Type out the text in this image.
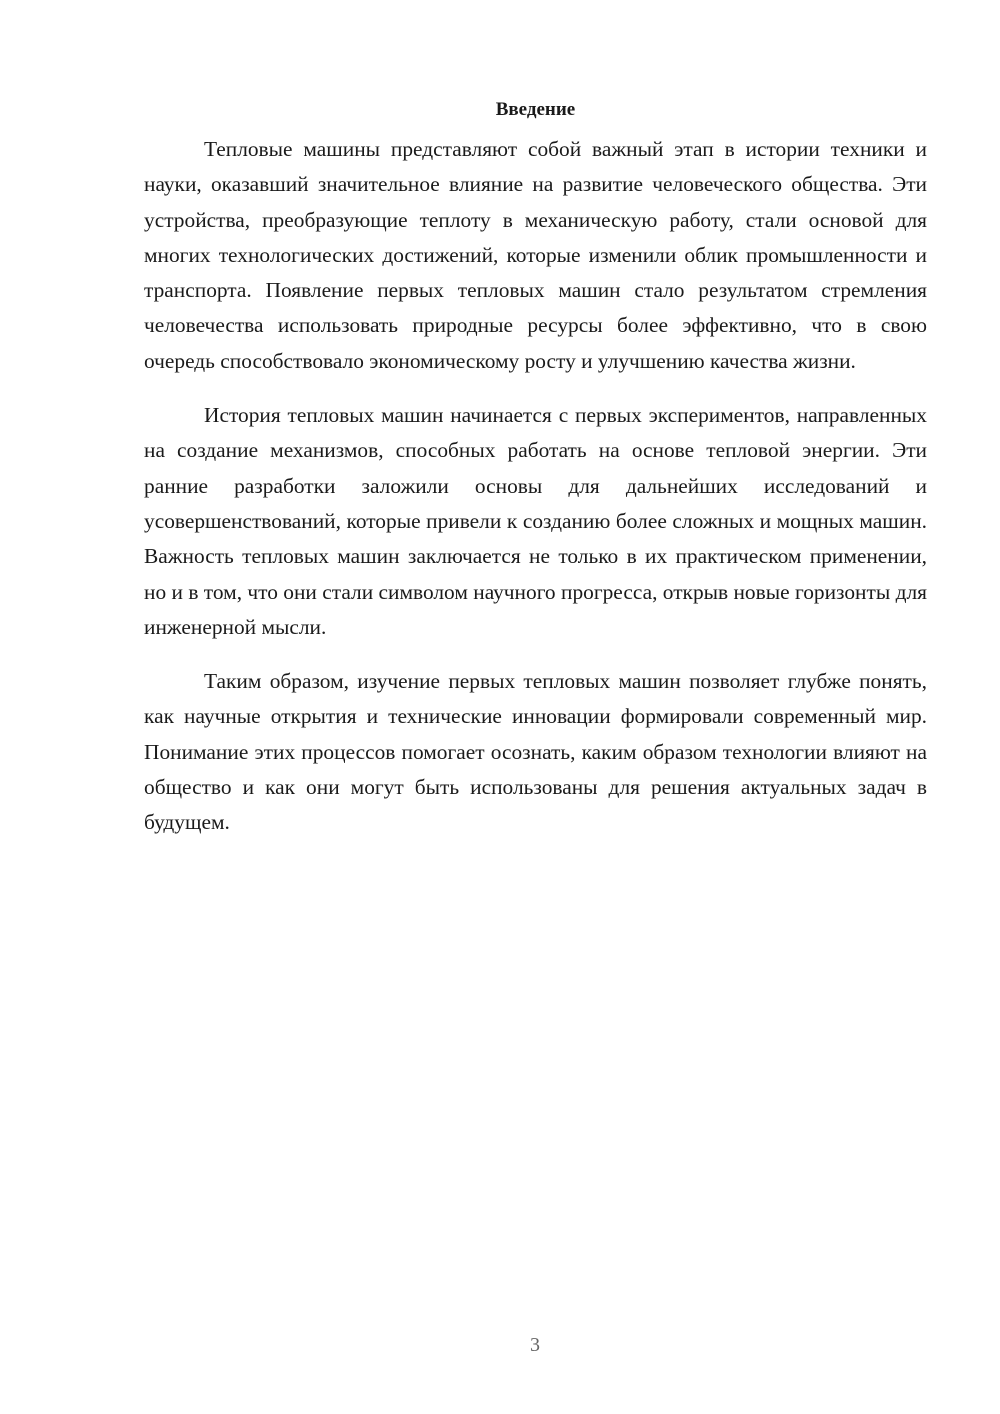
Введение

Тепловые машины представляют собой важный этап в истории техники и науки, оказавший значительное влияние на развитие человеческого общества. Эти устройства, преобразующие теплоту в механическую работу, стали основой для многих технологических достижений, которые изменили облик промышленности и транспорта. Появление первых тепловых машин стало результатом стремления человечества использовать природные ресурсы более эффективно, что в свою очередь способствовало экономическому росту и улучшению качества жизни.

История тепловых машин начинается с первых экспериментов, направленных на создание механизмов, способных работать на основе тепловой энергии. Эти ранние разработки заложили основы для дальнейших исследований и усовершенствований, которые привели к созданию более сложных и мощных машин. Важность тепловых машин заключается не только в их практическом применении, но и в том, что они стали символом научного прогресса, открыв новые горизонты для инженерной мысли.

Таким образом, изучение первых тепловых машин позволяет глубже понять, как научные открытия и технические инновации формировали современный мир. Понимание этих процессов помогает осознать, каким образом технологии влияют на общество и как они могут быть использованы для решения актуальных задач в будущем.

3
